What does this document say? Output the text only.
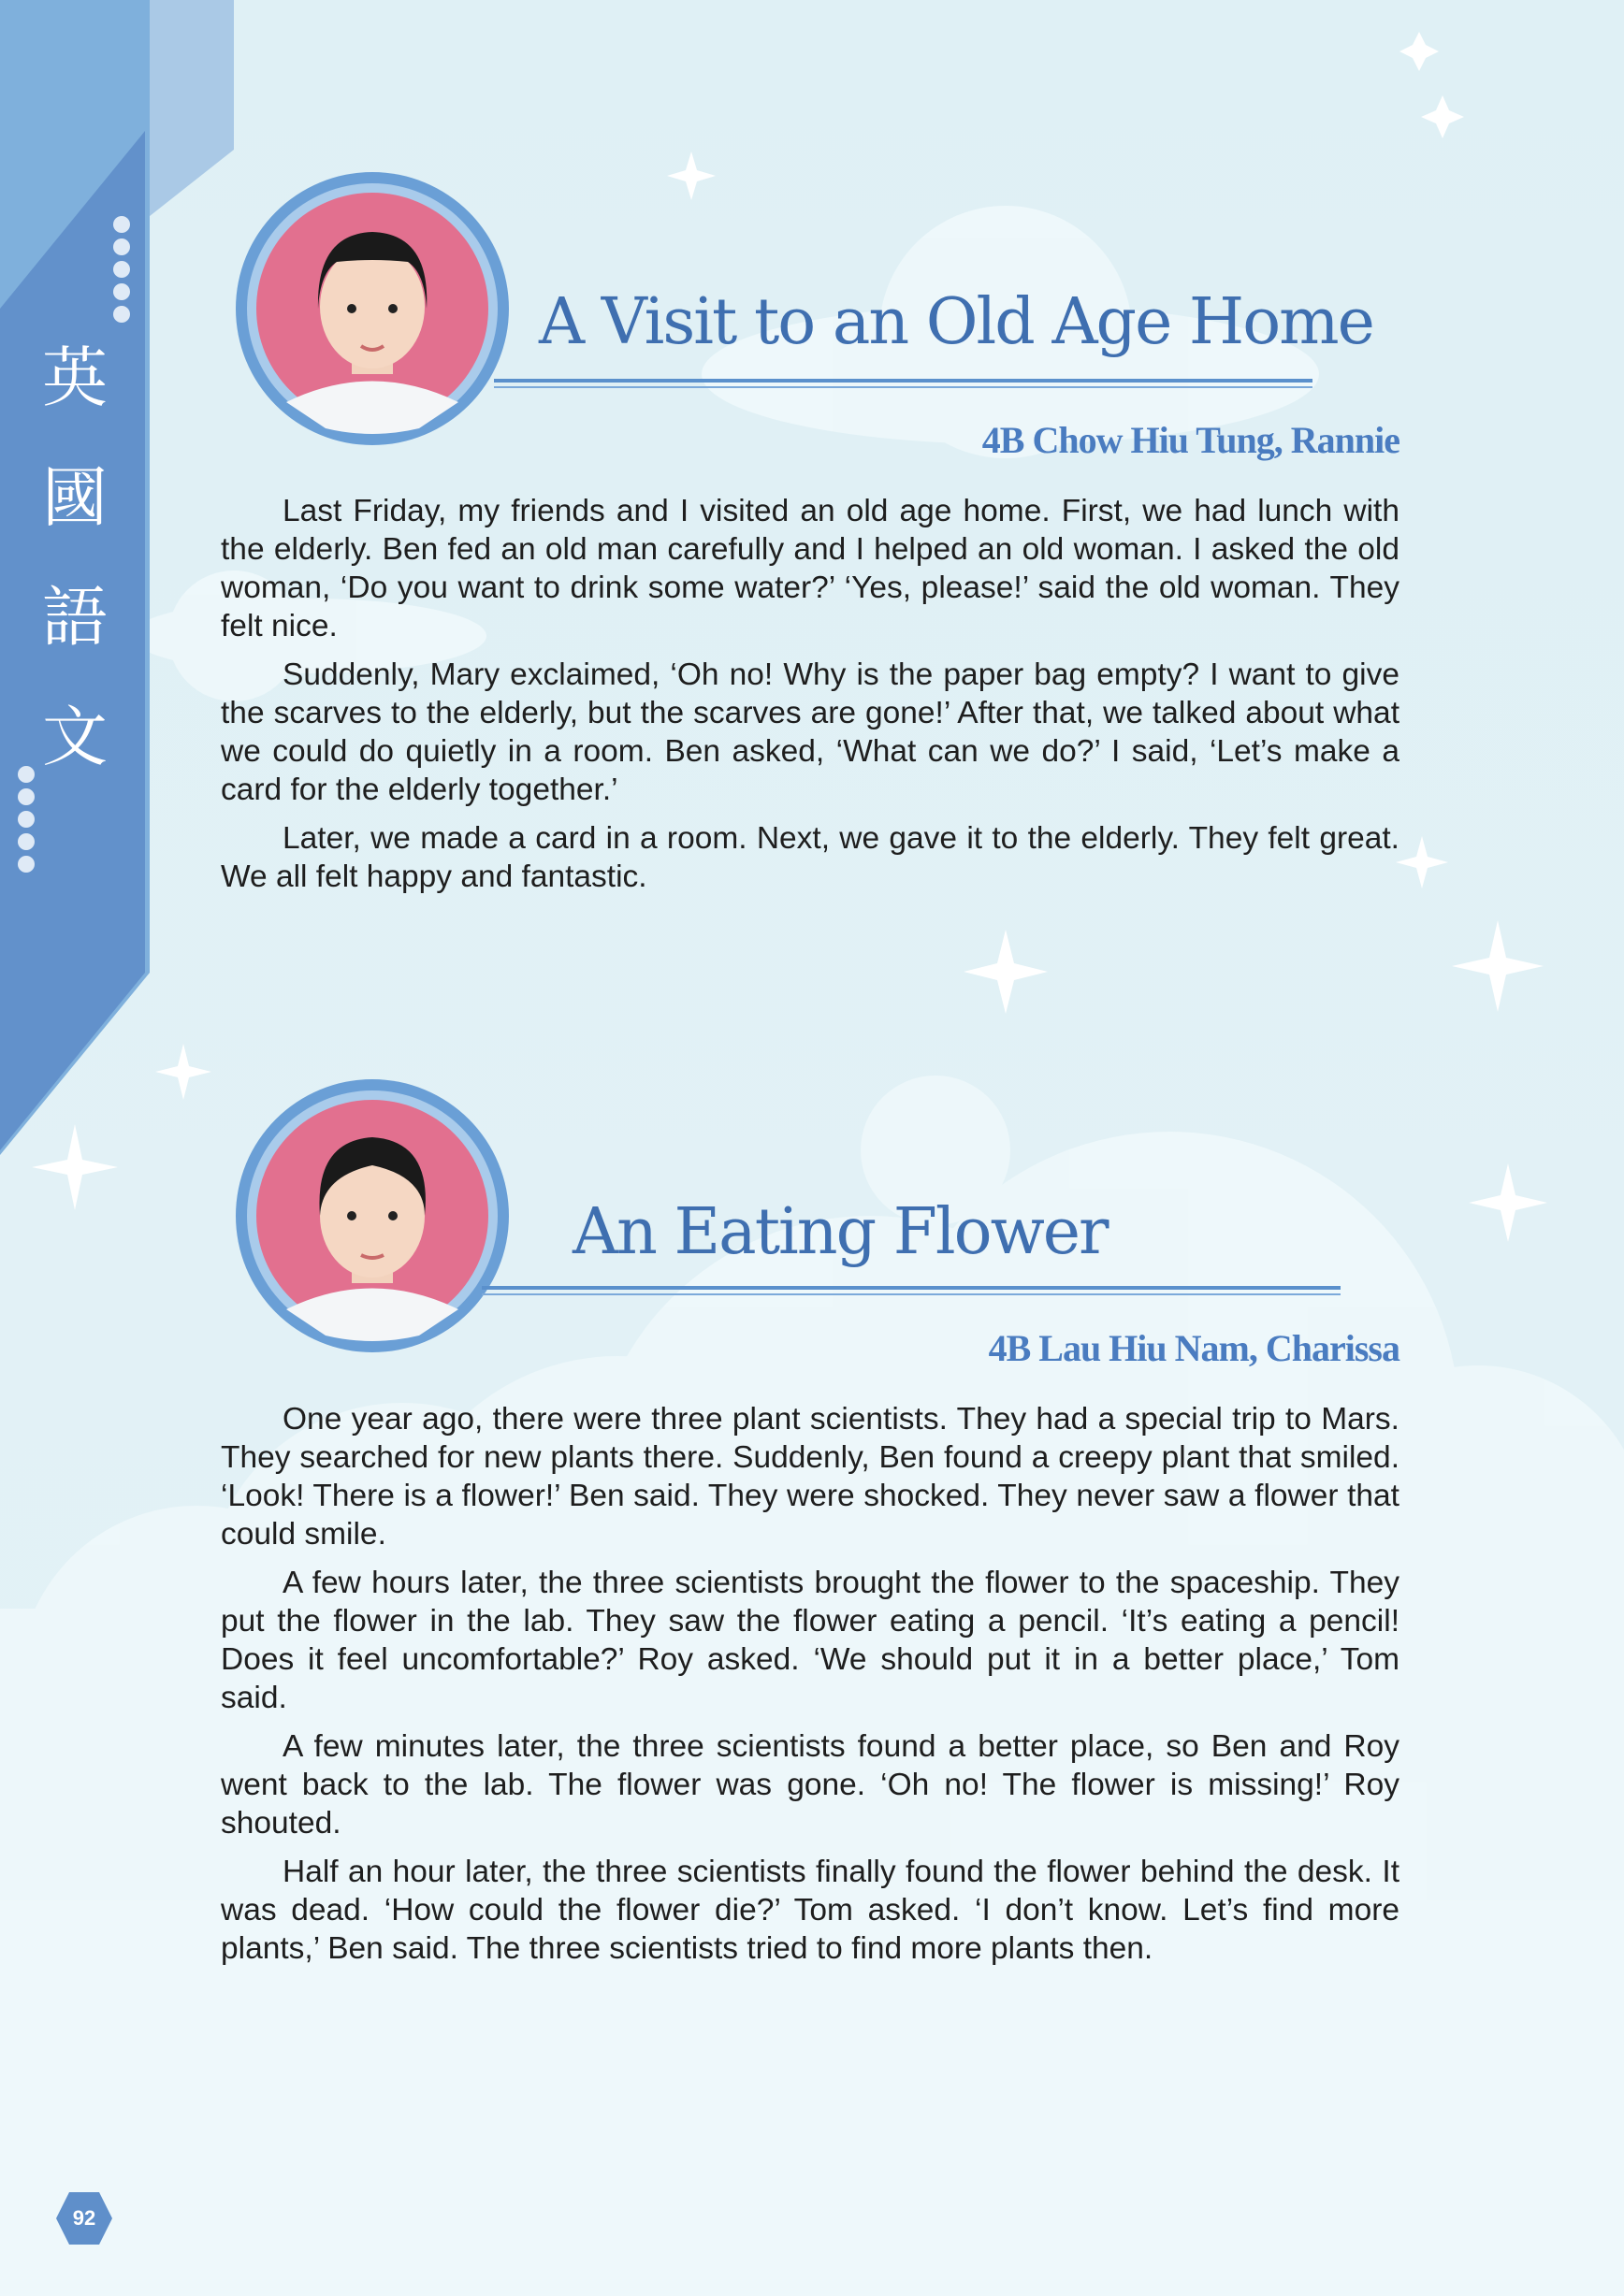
英
國
語
文
A Visit to an Old Age Home
4B Chow Hiu Tung, Rannie

Last Friday, my friends and I visited an old age home. First, we had lunch with the elderly. Ben fed an old man carefully and I helped an old woman. I asked the old woman, ‘Do you want to drink some water?’ ‘Yes, please!’ said the old woman. They felt nice.

Suddenly, Mary exclaimed, ‘Oh no! Why is the paper bag empty? I want to give the scarves to the elderly, but the scarves are gone!’ After that, we talked about what we could do quietly in a room. Ben asked, ‘What can we do?’ I said, ‘Let’s make a card for the elderly together.’

Later, we made a card in a room. Next, we gave it to the elderly. They felt great. We all felt happy and fantastic.

An Eating Flower
4B Lau Hiu Nam, Charissa

One year ago, there were three plant scientists. They had a special trip to Mars. They searched for new plants there. Suddenly, Ben found a creepy plant that smiled. ‘Look! There is a flower!’ Ben said. They were shocked. They never saw a flower that could smile.

A few hours later, the three scientists brought the flower to the spaceship. They put the flower in the lab. They saw the flower eating a pencil. ‘It’s eating a pencil! Does it feel uncomfortable?’ Roy asked. ‘We should put it in a better place,’ Tom said.

A few minutes later, the three scientists found a better place, so Ben and Roy went back to the lab. The flower was gone. ‘Oh no! The flower is missing!’ Roy shouted.

Half an hour later, the three scientists finally found the flower behind the desk. It was dead. ‘How could the flower die?’ Tom asked. ‘I don’t know. Let’s find more plants,’ Ben said. The three scientists tried to find more plants then.

92
